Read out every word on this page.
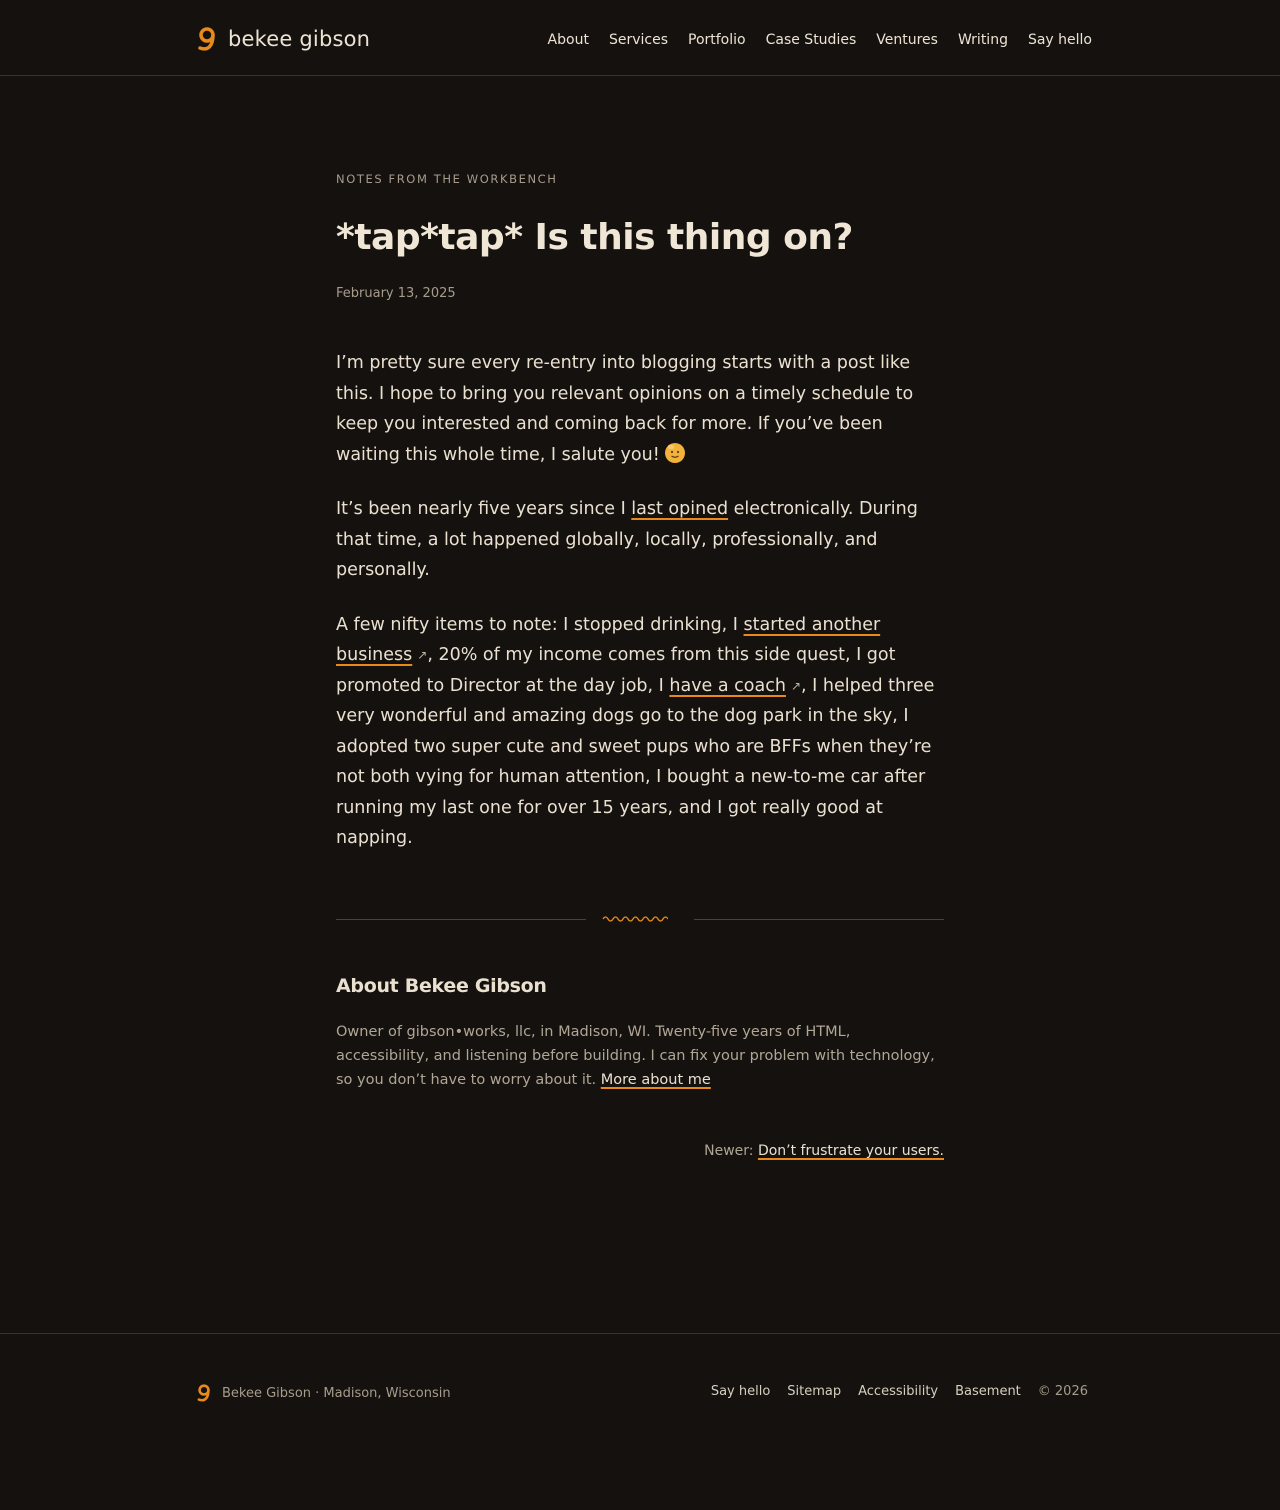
bekee gibson	About Services Portfolio Case Studies Ventures Writing Say hello

NOTES FROM THE WORKBENCH

*tap*tap* Is this thing on?
February 13, 2025

I’m pretty sure every re-entry into blogging starts with a post like this. I hope to bring you relevant opinions on a timely schedule to keep you interested and coming back for more. If you’ve been waiting this whole time, I salute you!

It’s been nearly five years since I last opined electronically. During that time, a lot happened globally, locally, professionally, and personally.

A few nifty items to note: I stopped drinking, I started another business ↗, 20% of my income comes from this side quest, I got promoted to Director at the day job, I have a coach ↗, I helped three very wonderful and amazing dogs go to the dog park in the sky, I adopted two super cute and sweet pups who are BFFs when they’re not both vying for human attention, I bought a new-to-me car after running my last one for over 15 years, and I got really good at napping.

About Bekee Gibson

Owner of gibson•works, llc, in Madison, WI. Twenty-five years of HTML, accessibility, and listening before building. I can fix your problem with technology, so you don’t have to worry about it. More about me

Newer: Don’t frustrate your users.
Bekee Gibson · Madison, Wisconsin	Say hello Sitemap Accessibility Basement © 2026
